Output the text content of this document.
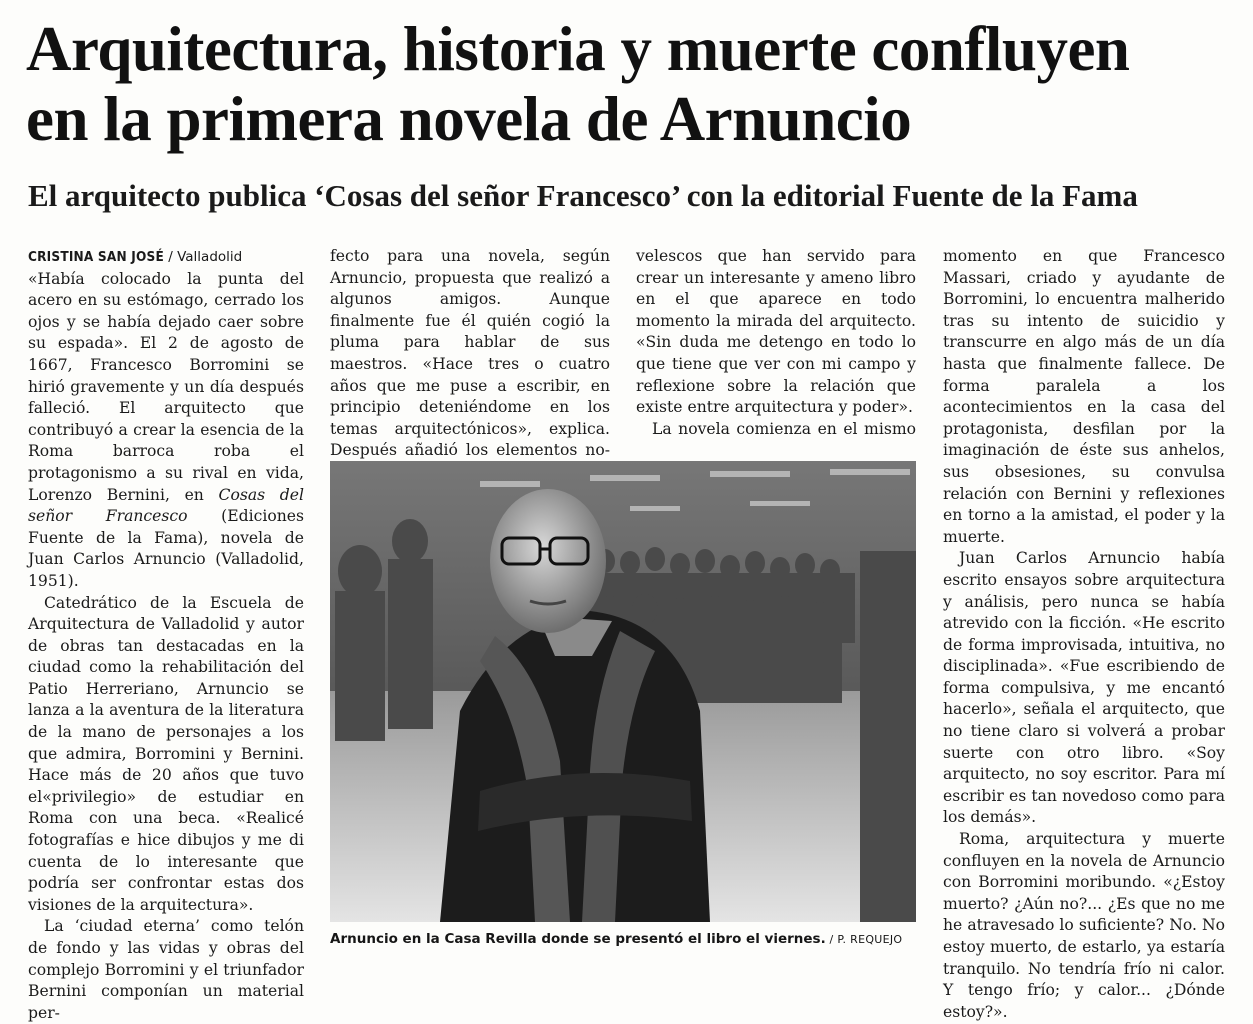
Arquitectura, historia y muerte confluyen
en la primera novela de Arnuncio
El arquitecto publica ‘Cosas del señor Francesco’ con la editorial Fuente de la Fama

CRISTINA SAN JOSÉ / Valladolid

«Había colocado la punta del acero en su estómago, cerrado los ojos y se había dejado caer sobre su espada». El 2 de agosto de 1667, Francesco Borromini se hirió gravemente y un día después falleció. El arquitecto que contribuyó a crear la esencia de la Roma barroca roba el protagonismo a su rival en vida, Lorenzo Bernini, en Cosas del señor Francesco (Ediciones Fuente de la Fama), novela de Juan Carlos Arnuncio (Valladolid, 1951).

Catedrático de la Escuela de Arquitectura de Valladolid y autor de obras tan destacadas en la ciudad como la rehabilitación del Patio Herreriano, Arnuncio se lanza a la aventura de la literatura de la mano de personajes a los que admira, Borromini y Bernini. Hace más de 20 años que tuvo el«privilegio» de estudiar en Roma con una beca. «Realicé fotografías e hice dibujos y me di cuenta de lo interesante que podría ser confrontar estas dos visiones de la arquitectura».

La ‘ciudad eterna’ como telón de fondo y las vidas y obras del complejo Borromini y el triunfador Bernini componían un material per-

fecto para una novela, según Arnuncio, propuesta que realizó a algunos amigos. Aunque finalmente fue él quién cogió la pluma para hablar de sus maestros. «Hace tres o cuatro años que me puse a escribir, en principio deteniéndome en los temas arquitectónicos», explica. Después añadió los elementos no-

velescos que han servido para crear un interesante y ameno libro en el que aparece en todo momento la mirada del arquitecto. «Sin duda me detengo en todo lo que tiene que ver con mi campo y reflexione sobre la relación que existe entre arquitectura y poder».

La novela comienza en el mismo

momento en que Francesco Massari, criado y ayudante de Borromini, lo encuentra malherido tras su intento de suicidio y transcurre en algo más de un día hasta que finalmente fallece. De forma paralela a los acontecimientos en la casa del protagonista, desfilan por la imaginación de éste sus anhelos, sus obsesiones, su convulsa relación con Bernini y reflexiones en torno a la amistad, el poder y la muerte.

Juan Carlos Arnuncio había escrito ensayos sobre arquitectura y análisis, pero nunca se había atrevido con la ficción. «He escrito de forma improvisada, intuitiva, no disciplinada». «Fue escribiendo de forma compulsiva, y me encantó hacerlo», señala el arquitecto, que no tiene claro si volverá a probar suerte con otro libro. «Soy arquitecto, no soy escritor. Para mí escribir es tan novedoso como para los demás».

Roma, arquitectura y muerte confluyen en la novela de Arnuncio con Borromini moribundo. «¿Estoy muerto? ¿Aún no?... ¿Es que no me he atravesado lo suficiente? No. No estoy muerto, de estarlo, ya estaría tranquilo. No tendría frío ni calor. Y tengo frío; y calor... ¿Dónde estoy?».

Arnuncio en la Casa Revilla donde se presentó el libro el viernes. / P. REQUEJO
